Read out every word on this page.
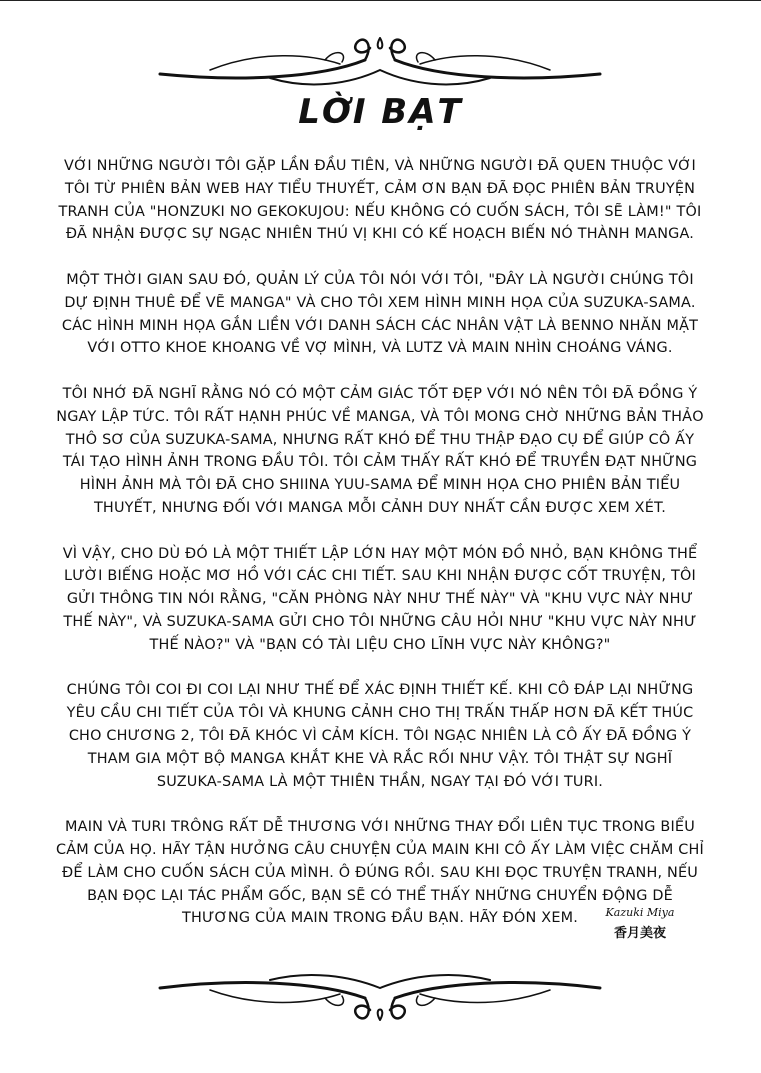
LỜI BẠT

VỚI NHỮNG NGƯỜI TÔI GẶP LẦN ĐẦU TIÊN, VÀ NHỮNG NGƯỜI ĐÃ QUEN THUỘC VỚI TÔI TỪ PHIÊN BẢN WEB HAY TIỂU THUYẾT, CẢM ƠN BẠN ĐÃ ĐỌC PHIÊN BẢN TRUYỆN TRANH CỦA "HONZUKI NO GEKOKUJOU: NẾU KHÔNG CÓ CUỐN SÁCH, TÔI SẼ LÀM!" TÔI ĐÃ NHẬN ĐƯỢC SỰ NGẠC NHIÊN THÚ VỊ KHI CÓ KẾ HOẠCH BIẾN NÓ THÀNH MANGA.

MỘT THỜI GIAN SAU ĐÓ, QUẢN LÝ CỦA TÔI NÓI VỚI TÔI, "ĐÂY LÀ NGƯỜI CHÚNG TÔI DỰ ĐỊNH THUÊ ĐỂ VẼ MANGA" VÀ CHO TÔI XEM HÌNH MINH HỌA CỦA SUZUKA-SAMA. CÁC HÌNH MINH HỌA GẮN LIỀN VỚI DANH SÁCH CÁC NHÂN VẬT LÀ BENNO NHĂN MẶT VỚI OTTO KHOE KHOANG VỀ VỢ MÌNH, VÀ LUTZ VÀ MAIN NHÌN CHOÁNG VÁNG.

TÔI NHỚ ĐÃ NGHĨ RẰNG NÓ CÓ MỘT CẢM GIÁC TỐT ĐẸP VỚI NÓ NÊN TÔI ĐÃ ĐỒNG Ý NGAY LẬP TỨC. TÔI RẤT HẠNH PHÚC VỀ MANGA, VÀ TÔI MONG CHỜ NHỮNG BẢN THẢO THÔ SƠ CỦA SUZUKA-SAMA, NHƯNG RẤT KHÓ ĐỂ THU THẬP ĐẠO CỤ ĐỂ GIÚP CÔ ẤY TÁI TẠO HÌNH ẢNH TRONG ĐẦU TÔI. TÔI CẢM THẤY RẤT KHÓ ĐỂ TRUYỀN ĐẠT NHỮNG HÌNH ẢNH MÀ TÔI ĐÃ CHO SHIINA YUU-SAMA ĐỂ MINH HỌA CHO PHIÊN BẢN TIỂU THUYẾT, NHƯNG ĐỐI VỚI MANGA MỖI CẢNH DUY NHẤT CẦN ĐƯỢC XEM XÉT.

VÌ VẬY, CHO DÙ ĐÓ LÀ MỘT THIẾT LẬP LỚN HAY MỘT MÓN ĐỒ NHỎ, BẠN KHÔNG THỂ LƯỜI BIẾNG HOẶC MƠ HỒ VỚI CÁC CHI TIẾT. SAU KHI NHẬN ĐƯỢC CỐT TRUYỆN, TÔI GỬI THÔNG TIN NÓI RẰNG, "CĂN PHÒNG NÀY NHƯ THẾ NÀY" VÀ "KHU VỰC NÀY NHƯ THẾ NÀY", VÀ SUZUKA-SAMA GỬI CHO TÔI NHỮNG CÂU HỎI NHƯ "KHU VỰC NÀY NHƯ THẾ NÀO?" VÀ "BẠN CÓ TÀI LIỆU CHO LĨNH VỰC NÀY KHÔNG?"

CHÚNG TÔI COI ĐI COI LẠI NHƯ THẾ ĐỂ XÁC ĐỊNH THIẾT KẾ. KHI CÔ ĐÁP LẠI NHỮNG YÊU CẦU CHI TIẾT CỦA TÔI VÀ KHUNG CẢNH CHO THỊ TRẤN THẤP HƠN ĐÃ KẾT THÚC CHO CHƯƠNG 2, TÔI ĐÃ KHÓC VÌ CẢM KÍCH. TÔI NGẠC NHIÊN LÀ CÔ ẤY ĐÃ ĐỒNG Ý THAM GIA MỘT BỘ MANGA KHẮT KHE VÀ RẮC RỐI NHƯ VẬY. TÔI THẬT SỰ NGHĨ SUZUKA-SAMA LÀ MỘT THIÊN THẦN, NGAY TẠI ĐÓ VỚI TURI.

MAIN VÀ TURI TRÔNG RẤT DỄ THƯƠNG VỚI NHỮNG THAY ĐỔI LIÊN TỤC TRONG BIỂU CẢM CỦA HỌ. HÃY TẬN HƯỞNG CÂU CHUYỆN CỦA MAIN KHI CÔ ẤY LÀM VIỆC CHĂM CHỈ ĐỂ LÀM CHO CUỐN SÁCH CỦA MÌNH. Ô ĐÚNG RỒI. SAU KHI ĐỌC TRUYỆN TRANH, NẾU BẠN ĐỌC LẠI TÁC PHẨM GỐC, BẠN SẼ CÓ THỂ THẤY NHỮNG CHUYỂN ĐỘNG DỄ THƯƠNG CỦA MAIN TRONG ĐẦU BẠN. HÃY ĐÓN XEM.	Kazuki Miya
香月美夜
